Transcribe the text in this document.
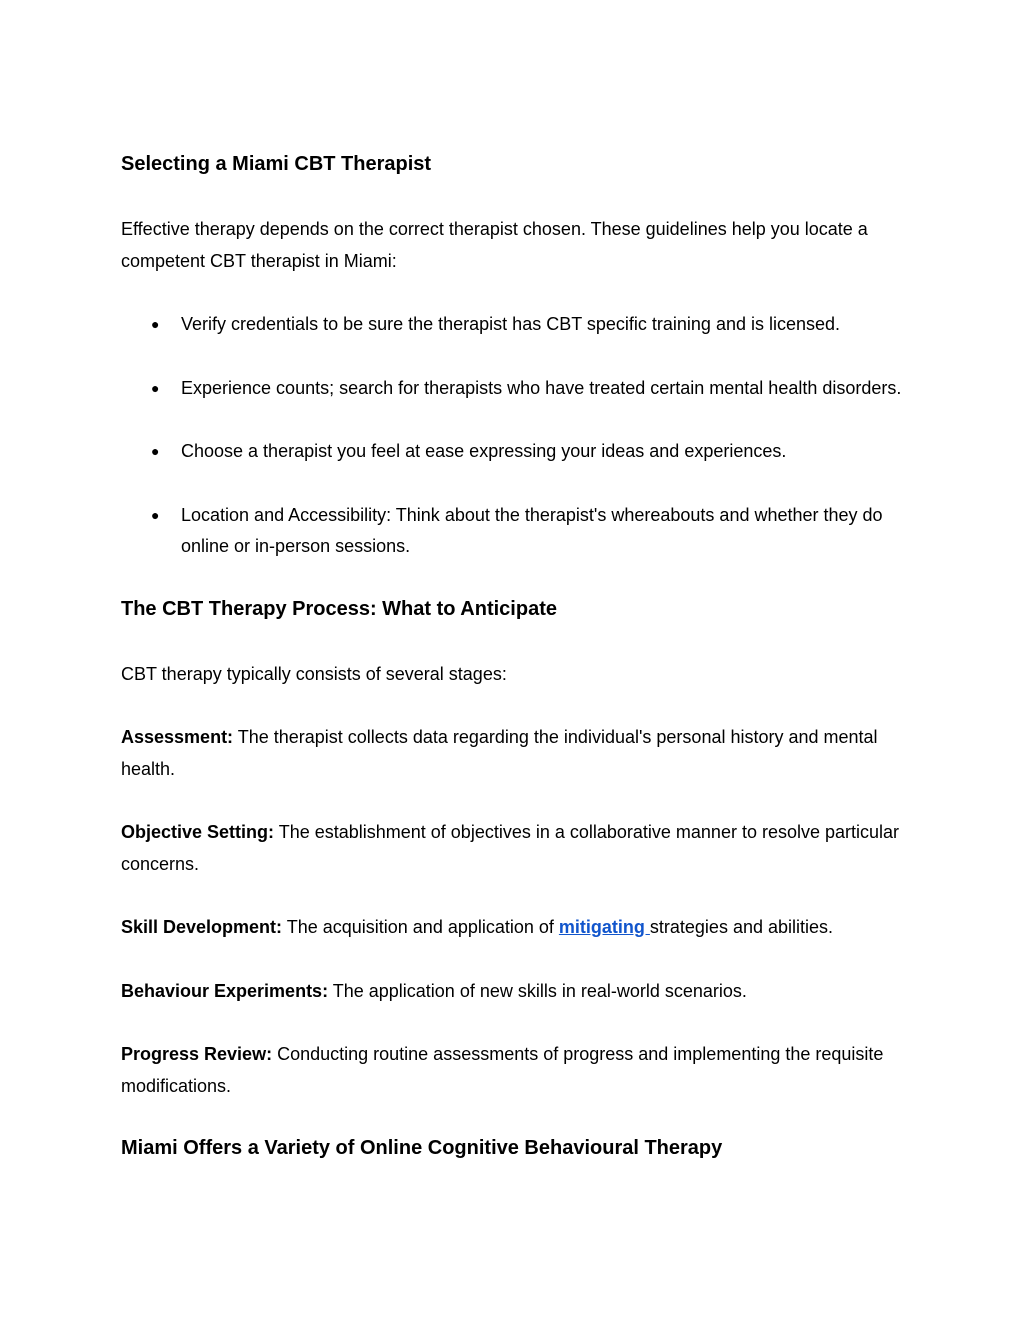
Selecting a Miami CBT Therapist

Effective therapy depends on the correct therapist chosen. These guidelines help you locate a competent CBT therapist in Miami:

● Verify credentials to be sure the therapist has CBT specific training and is licensed.
● Experience counts; search for therapists who have treated certain mental health disorders.
● Choose a therapist you feel at ease expressing your ideas and experiences.
● Location and Accessibility: Think about the therapist's whereabouts and whether they do online or in-person sessions.
The CBT Therapy Process: What to Anticipate

CBT therapy typically consists of several stages:

Assessment: The therapist collects data regarding the individual's personal history and mental health.

Objective Setting: The establishment of objectives in a collaborative manner to resolve particular concerns.

Skill Development: The acquisition and application of mitigating strategies and abilities.

Behaviour Experiments: The application of new skills in real-world scenarios.

Progress Review: Conducting routine assessments of progress and implementing the requisite modifications.

Miami Offers a Variety of Online Cognitive Behavioural Therapy
